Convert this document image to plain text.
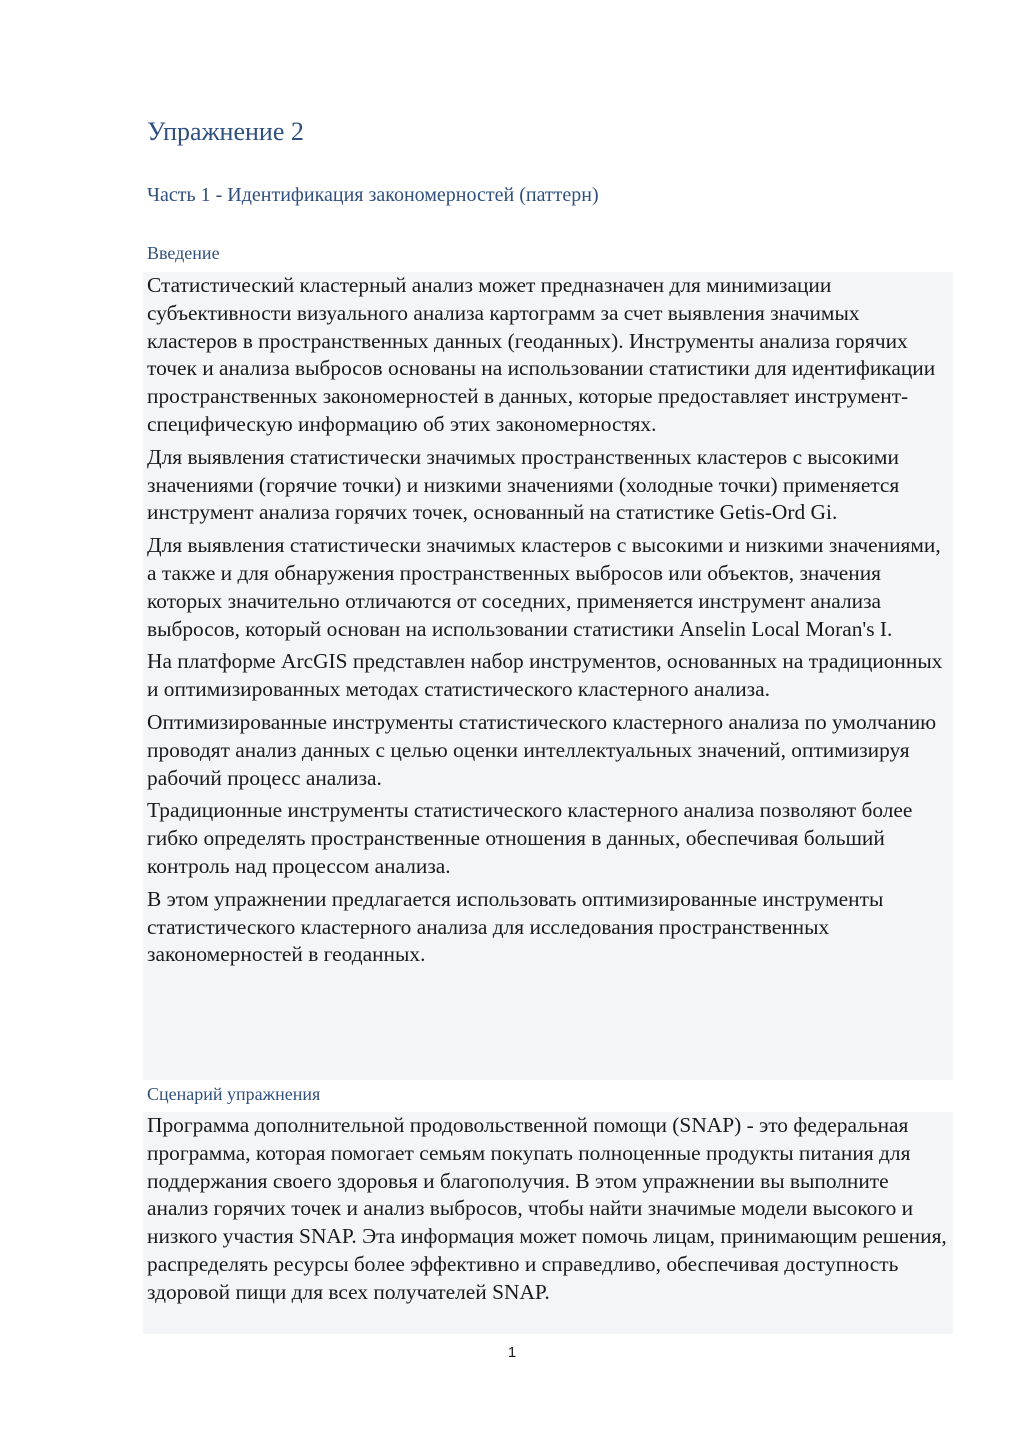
Упражнение 2
Часть 1 - Идентификация закономерностей (паттерн)
Введение

Статистический кластерный анализ может предназначен для минимизации субъективности визуального анализа картограмм за счет выявления значимых кластеров в пространственных данных (геоданных). Инструменты анализа горячих точек и анализа выбросов основаны на использовании статистики для идентификации пространственных закономерностей в данных, которые предоставляет инструмент-специфическую информацию об этих закономерностях.

Для выявления статистически значимых пространственных кластеров с высокими значениями (горячие точки) и низкими значениями (холодные точки) применяется инструмент анализа горячих точек, основанный на статистике Getis-Ord Gi.

Для выявления статистически значимых кластеров с высокими и низкими значениями, а также и для обнаружения пространственных выбросов или объектов, значения которых значительно отличаются от соседних, применяется инструмент анализа выбросов, который основан на использовании статистики Anselin Local Moran's I.

На платформе ArcGIS представлен набор инструментов, основанных на традиционных и оптимизированных методах статистического кластерного анализа.

Оптимизированные инструменты статистического кластерного анализа по умолчанию проводят анализ данных с целью оценки интеллектуальных значений, оптимизируя рабочий процесс анализа.

Традиционные инструменты статистического кластерного анализа позволяют более гибко определять пространственные отношения в данных, обеспечивая больший контроль над процессом анализа.

В этом упражнении предлагается использовать оптимизированные инструменты статистического кластерного анализа для исследования пространственных закономерностей в геоданных.

Сценарий упражнения

Программа дополнительной продовольственной помощи (SNAP) - это федеральная программа, которая помогает семьям покупать полноценные продукты питания для поддержания своего здоровья и благополучия. В этом упражнении вы выполните анализ горячих точек и анализ выбросов, чтобы найти значимые модели высокого и низкого участия SNAP. Эта информация может помочь лицам, принимающим решения, распределять ресурсы более эффективно и справедливо, обеспечивая доступность здоровой пищи для всех получателей SNAP.

1
